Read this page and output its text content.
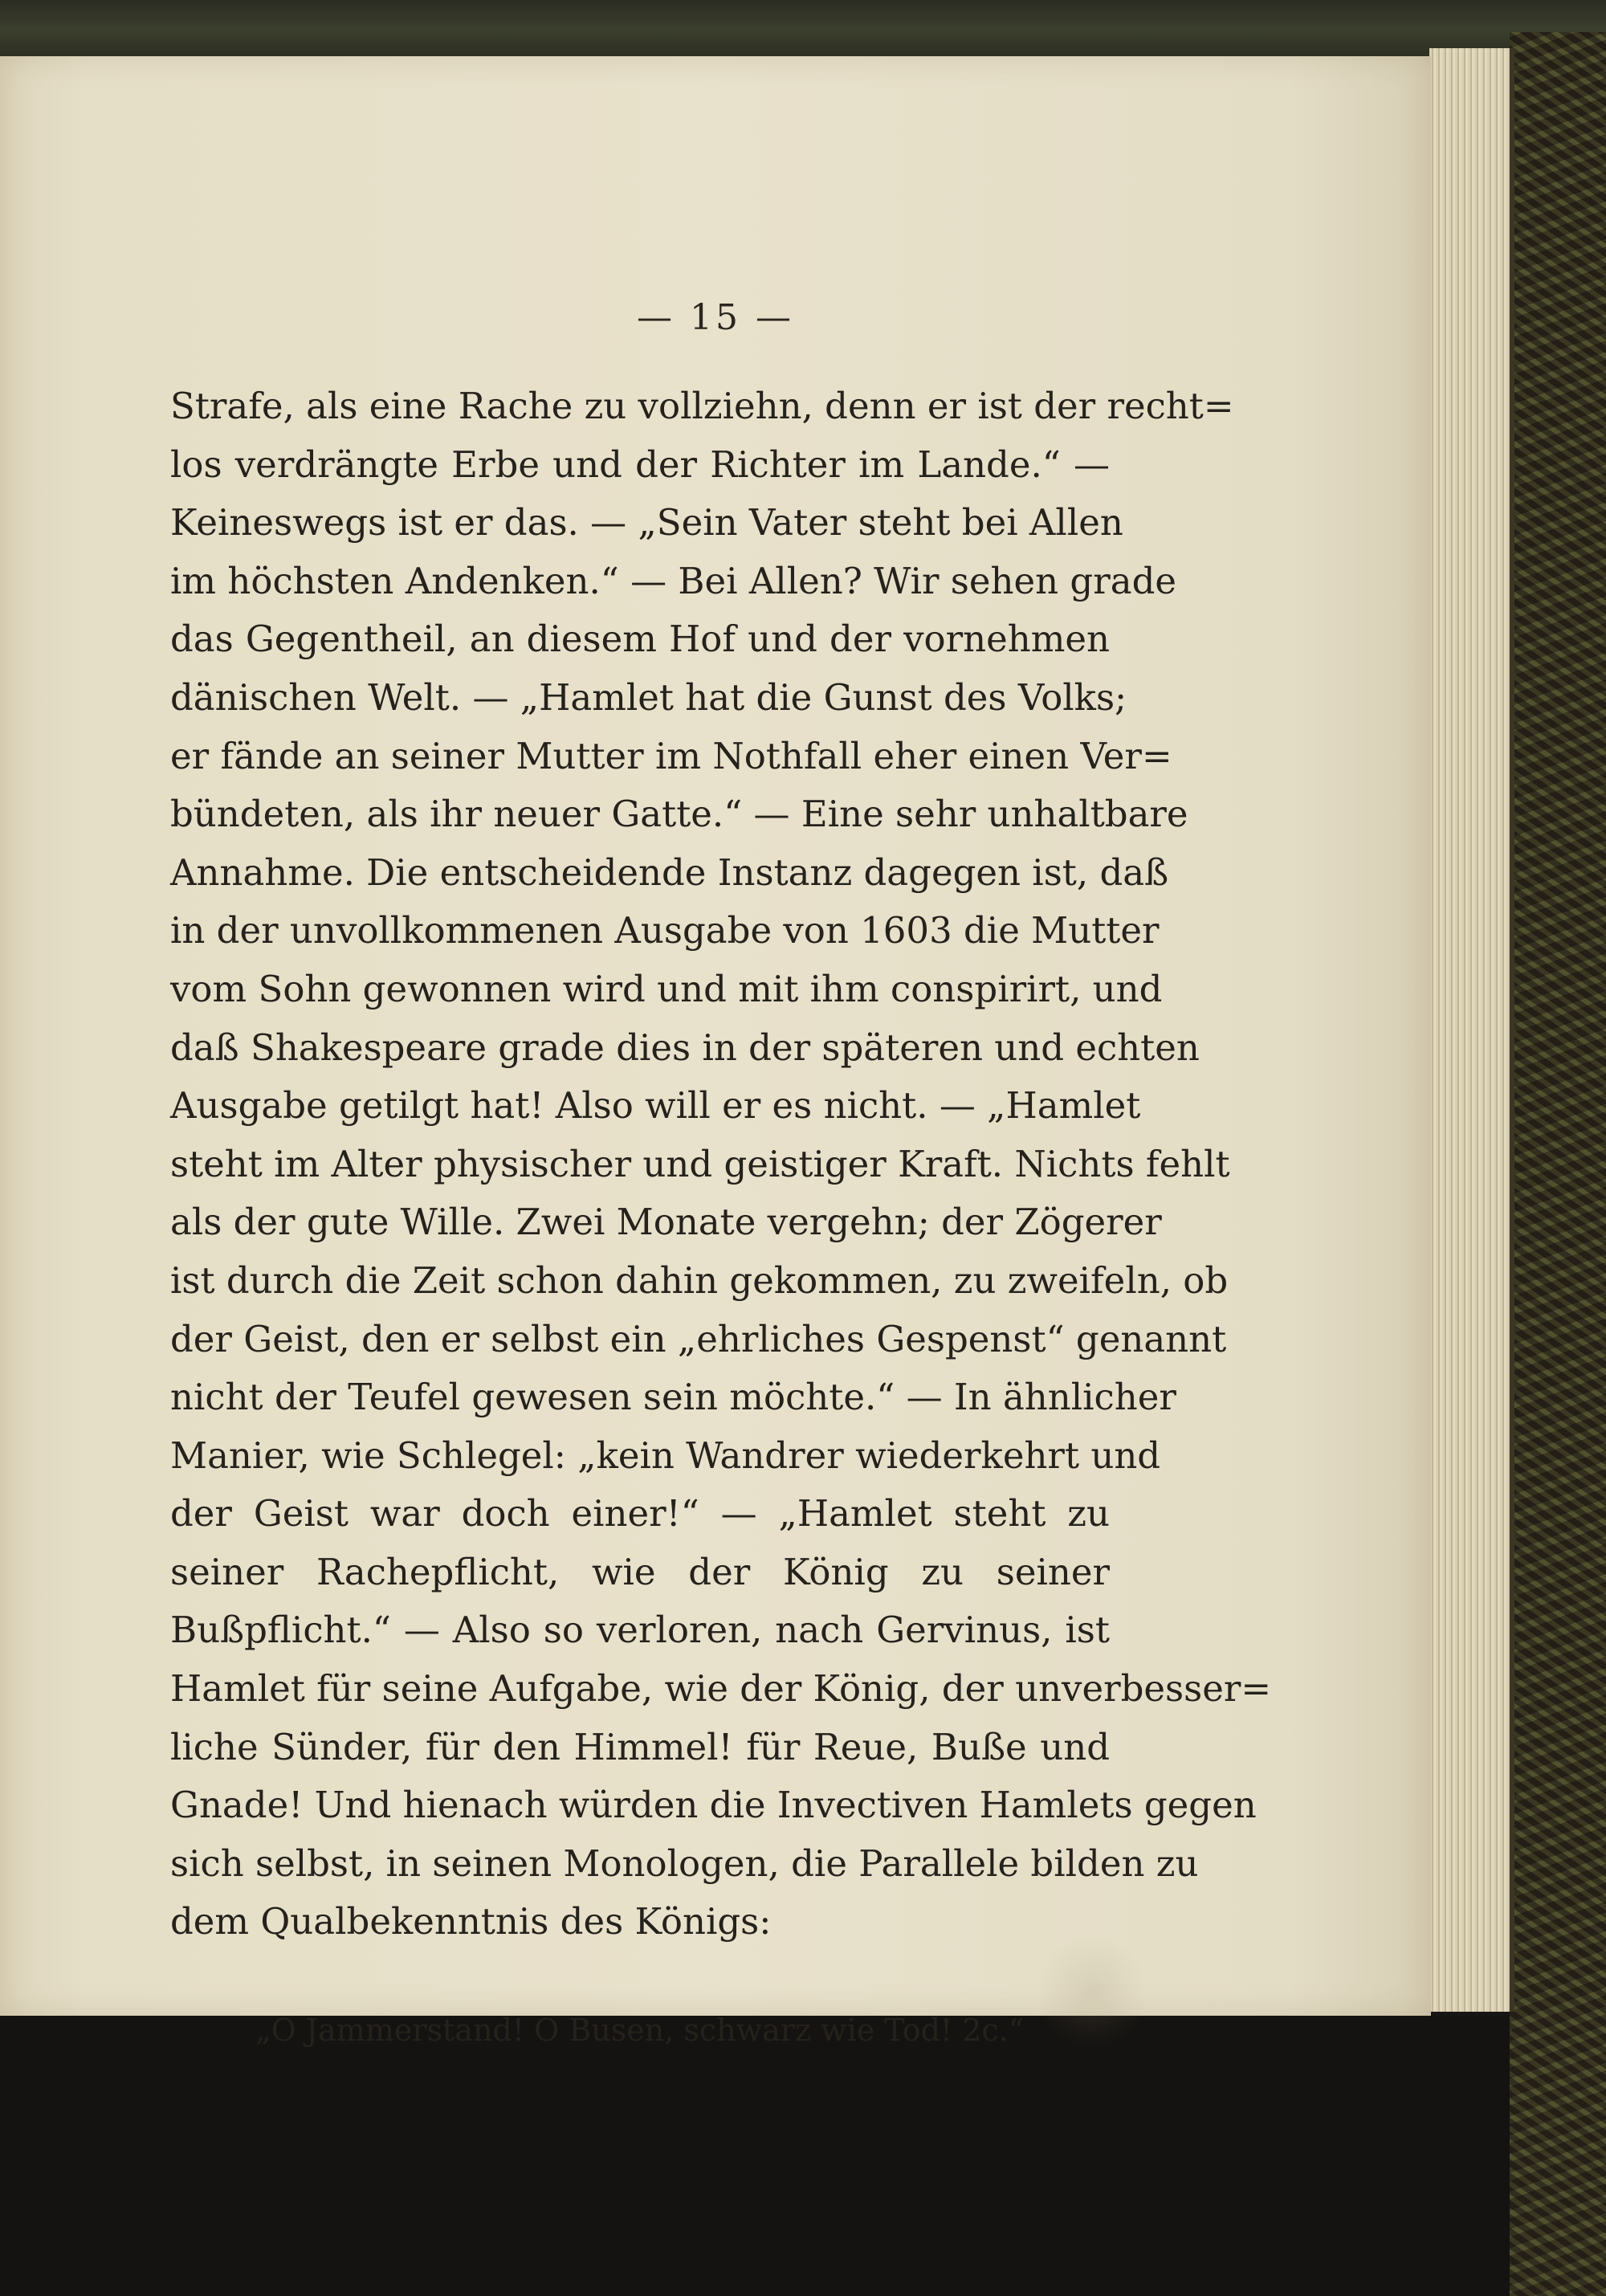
— 15 —
Strafe, als eine Rache zu vollziehn, denn er ist der recht=
los verdrängte Erbe und der Richter im Lande.“ —
Keineswegs ist er das. — „Sein Vater steht bei Allen
im höchsten Andenken.“ — Bei Allen? Wir sehen grade
das Gegentheil, an diesem Hof und der vornehmen
dänischen Welt. — „Hamlet hat die Gunst des Volks;
er fände an seiner Mutter im Nothfall eher einen Ver=
bündeten, als ihr neuer Gatte.“ — Eine sehr unhaltbare
Annahme. Die entscheidende Instanz dagegen ist, daß
in der unvollkommenen Ausgabe von 1603 die Mutter
vom Sohn gewonnen wird und mit ihm conspirirt, und
daß Shakespeare grade dies in der späteren und echten
Ausgabe getilgt hat! Also will er es nicht. — „Hamlet
steht im Alter physischer und geistiger Kraft. Nichts fehlt
als der gute Wille. Zwei Monate vergehn; der Zögerer
ist durch die Zeit schon dahin gekommen, zu zweifeln, ob
der Geist, den er selbst ein „ehrliches Gespenst“ genannt
nicht der Teufel gewesen sein möchte.“ — In ähnlicher
Manier, wie Schlegel: „kein Wandrer wiederkehrt und
der Geist war doch einer!“ — „Hamlet steht zu
seiner Rachepflicht, wie der König zu seiner
Bußpflicht.“ — Also so verloren, nach Gervinus, ist
Hamlet für seine Aufgabe, wie der König, der unverbesser=
liche Sünder, für den Himmel! für Reue, Buße und
Gnade! Und hienach würden die Invectiven Hamlets gegen
sich selbst, in seinen Monologen, die Parallele bilden zu
dem Qualbekenntnis des Königs:
„O Jammerstand! O Busen, schwarz wie Tod! 2c.“
